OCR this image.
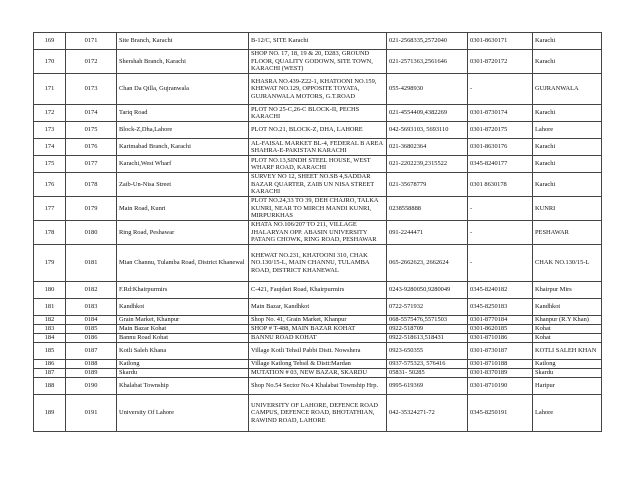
169	0171	Site Branch, Karachi	B-12/C, SITE Karachi	021-2568335,2572040	0301-8630171	Karachi
170	0172	Shershah Branch, Karachi	SHOP NO. 17, 18, 19 & 20, D283, GROUND FLOOR, QUALITY GODOWN, SITE TOWN, KARACHI (WEST)	021-2571363,2561646	0301-8720172	Karachi
171	0173	Chan Da Qilla, Gujranwala	KHASRA NO.439-Z22-1, KHATOONI NO.159, KHEWAT NO.129, OPPOSITE TOYATA, GUJRANWALA MOTORS, G.T.ROAD	055-4298930	-	GUJRANWALA
172	0174	Tariq Road	PLOT NO 25-C,26-C BLOCK-II, PECHS KARACHI	021-4554409,4382269	0301-8730174	Karachi
173	0175	Block-Z,Dha,Lahore	PLOT NO.21, BLOCK-Z, DHA, LAHORE	042-5693103, 5693110	0301-8720175	Lahore
174	0176	Karimabad Branch, Karachi	AL-FAISAL MARKET BL-4, FEDERAL B AREA SHAHRA-E-PAKISTAN KARACHI	021-36802364	0301-8630176	Karachi
175	0177	Karachi,West Wharf	PLOT NO.13,SINDH STEEL HOUSE, WEST WHARF ROAD, KARACHI	021-2202239,2315522	0345-8240177	Karachi
176	0178	Zaib-Un-Nisa Street	SURVEY NO 12, SHEET NO.SB 4,SADDAR BAZAR QUARTER, ZAIB UN NISA STREET KARACHI	021-35678779	0301 8630178	Karachi
177	0179	Main Road, Kunri	PLOT NO.24,33 TO 39, DEH CHAJRO, TALKA KUNRI, NEAR TO MIRCH MANDI KUNRI, MIRPURKHAS	0238558888	-	KUNRI
178	0180	Ring Road, Peshawar	KHATA NO.106/207 TO 211, VILLAGE JHALARYAN OPP. ABASIN UNIVERSITY PATANG CHOWK, RING ROAD, PESHAWAR	091-2244471	-	PESHAWAR
179	0181	Mian Channu, Tulamba Road, District Khanewal	KHEWAT NO.231, KHATOONI 310, CHAK NO.130/15-L, MAIN CHANNU, TULAMBA ROAD, DISTRICT KHANEWAL	065-2662623, 2662624	-	CHAK NO.130/15-L
180	0182	F.Rd:Khairpurmirs	C-421, Faujdari Road, Khairpurmirs	0243-9280050,9280049	0345-8240182	Khairpur Mirs
181	0183	Kandhkot	Main Bazar, Kandhkot	0722-571932	0345-8250183	Kandhkot
182	0184	Grain Market, Khanpur	Shop No. 41, Grain Market, Khanpur	068-5575476,5571503	0301-8770184	Khanpur (R.Y Khan)
183	0185	Main Bazar Kohat	SHOP # T-488, MAIN BAZAR KOHAT	0922-518709	0301-8620185	Kohat
184	0186	Bannu Road Kohat	BANNU ROAD KOHAT	0922-518613,518431	0301-8710186	Kohat
185	0187	Kotli Saleh Khana	Village Kotli Tehsil Pabbi Distt. Nowshera	0923-650355	0301-8730187	KOTLI SALEH KHAN
186	0188	Katlong	Village Katlong Tehsil & Distt:Mardan	0937-575323, 576416	0301-8710188	Katlong
187	0189	Skardu	MUTATION # 03, NEW BAZAR, SKARDU	05831- 50285	0301-8370189	Skardu
188	0190	Khalabat Township	Shop No.54 Sector No.4 Khalabat Township Hrp.	0995-619369	0301-8710190	Haripur
189	0191	University Of Lahore	UNIVERSITY OF LAHORE, DEFENCE ROAD CAMPUS, DEFENCE ROAD, BHOTATHIAN, RAWIND ROAD, LAHORE	042-35324271-72	0345-8250191	Lahore
